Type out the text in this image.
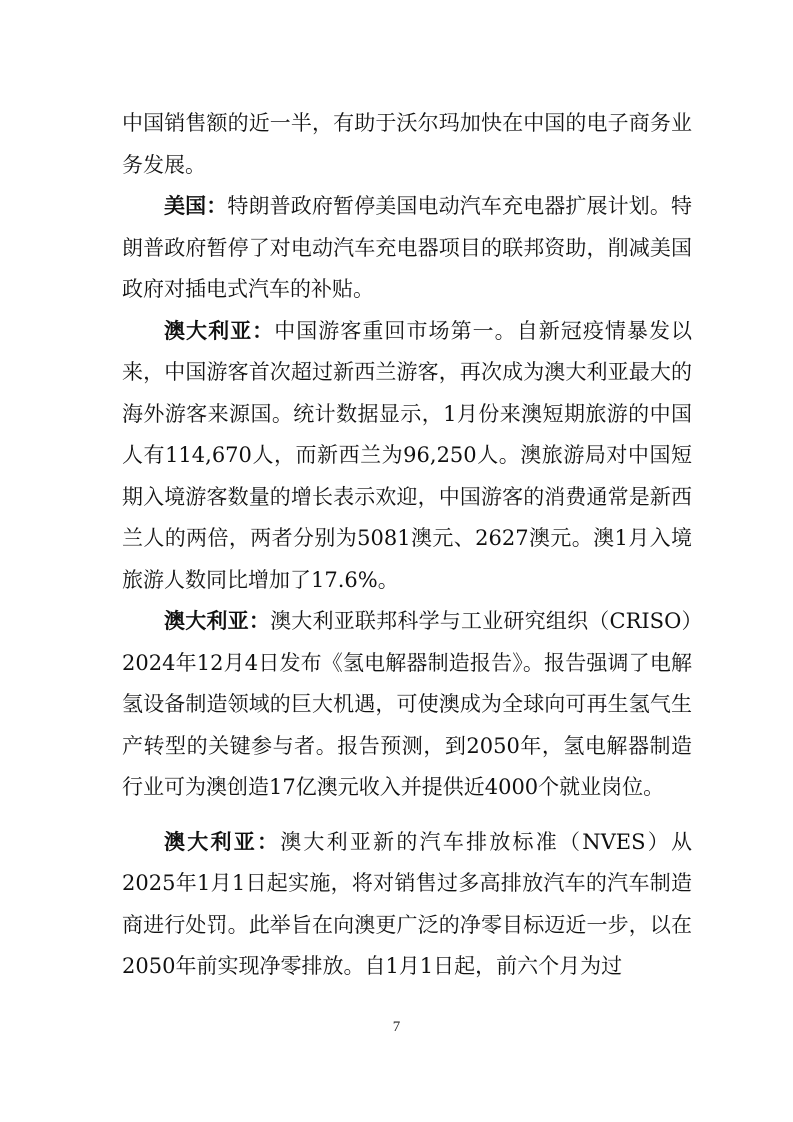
中国销售额的近一半，有助于沃尔玛加快在中国的电子商务业务发展。

美国：特朗普政府暂停美国电动汽车充电器扩展计划。特朗普政府暂停了对电动汽车充电器项目的联邦资助，削减美国政府对插电式汽车的补贴。

澳大利亚：中国游客重回市场第一。自新冠疫情暴发以来，中国游客首次超过新西兰游客，再次成为澳大利亚最大的海外游客来源国。统计数据显示，1月份来澳短期旅游的中国人有114,670人，而新西兰为96,250人。澳旅游局对中国短期入境游客数量的增长表示欢迎，中国游客的消费通常是新西兰人的两倍，两者分别为5081澳元、2627澳元。澳1月入境旅游人数同比增加了17.6%。

澳大利亚：澳大利亚联邦科学与工业研究组织（CRISO）2024年12月4日发布《氢电解器制造报告》。报告强调了电解氢设备制造领域的巨大机遇，可使澳成为全球向可再生氢气生产转型的关键参与者。报告预测，到2050年，氢电解器制造行业可为澳创造17亿澳元收入并提供近4000个就业岗位。

澳大利亚：澳大利亚新的汽车排放标准（NVES）从2025年1月1日起实施，将对销售过多高排放汽车的汽车制造商进行处罚。此举旨在向澳更广泛的净零目标迈近一步，以在2050年前实现净零排放。自1月1日起，前六个月为过

7
